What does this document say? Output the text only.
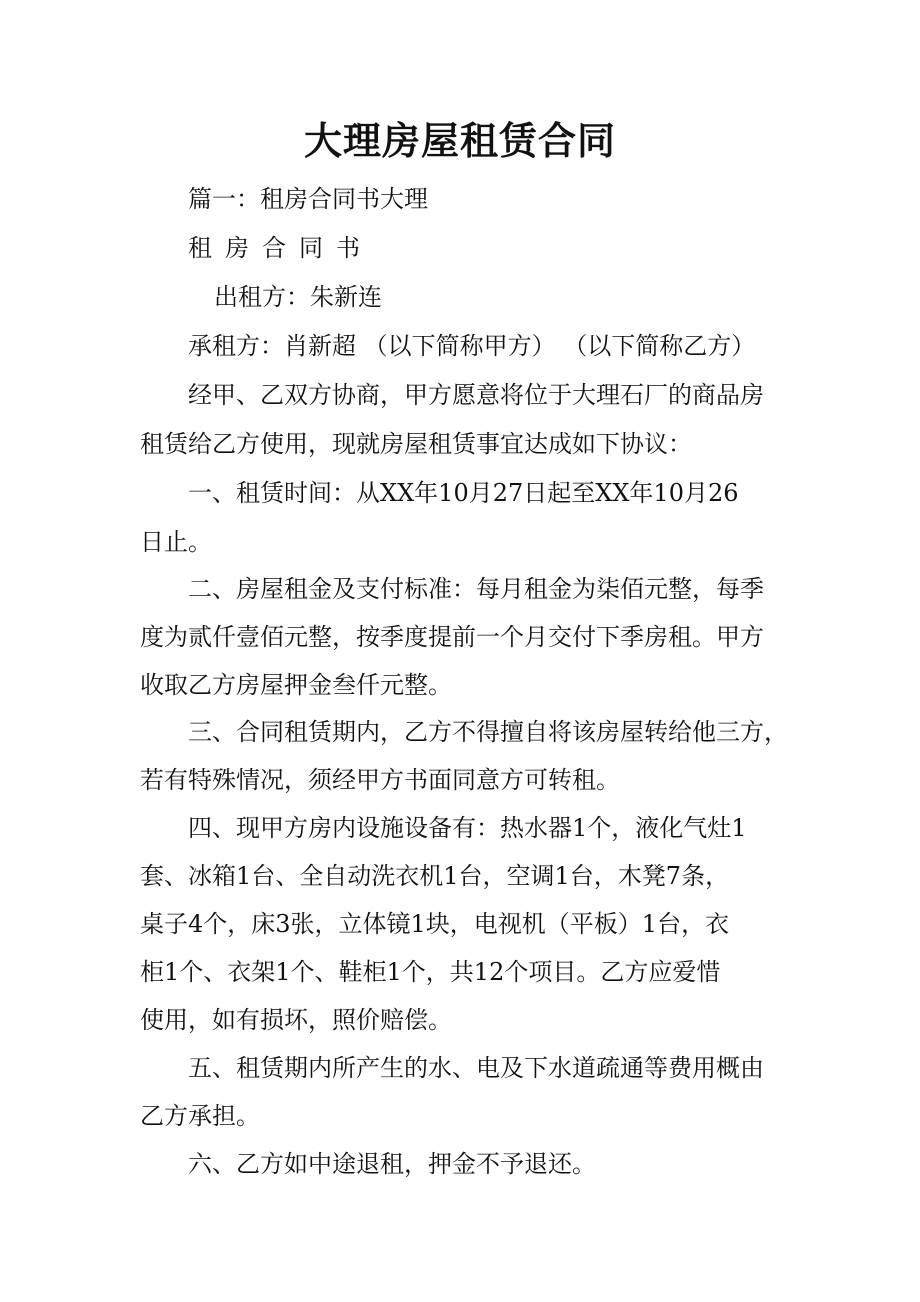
大理房屋租赁合同
篇一：租房合同书大理
租房合同书
出租方：朱新连
承租方：肖新超 （以下简称甲方） （以下简称乙方）
经甲、乙双方协商，甲方愿意将位于大理石厂的商品房
租赁给乙方使用，现就房屋租赁事宜达成如下协议：
一、租赁时间：从XX年10月27日起至XX年10月26
日止。
二、房屋租金及支付标准：每月租金为柒佰元整，每季
度为贰仟壹佰元整，按季度提前一个月交付下季房租。甲方
收取乙方房屋押金叁仟元整。
三、合同租赁期内，乙方不得擅自将该房屋转给他三方，
若有特殊情况，须经甲方书面同意方可转租。
四、现甲方房内设施设备有：热水器1个，液化气灶1
套、冰箱1台、全自动洗衣机1台，空调1台，木凳7条，
桌子4个，床3张，立体镜1块，电视机（平板）1台，衣
柜1个、衣架1个、鞋柜1个，共12个项目。乙方应爱惜
使用，如有损坏，照价赔偿。
五、租赁期内所产生的水、电及下水道疏通等费用概由
乙方承担。
六、乙方如中途退租，押金不予退还。
